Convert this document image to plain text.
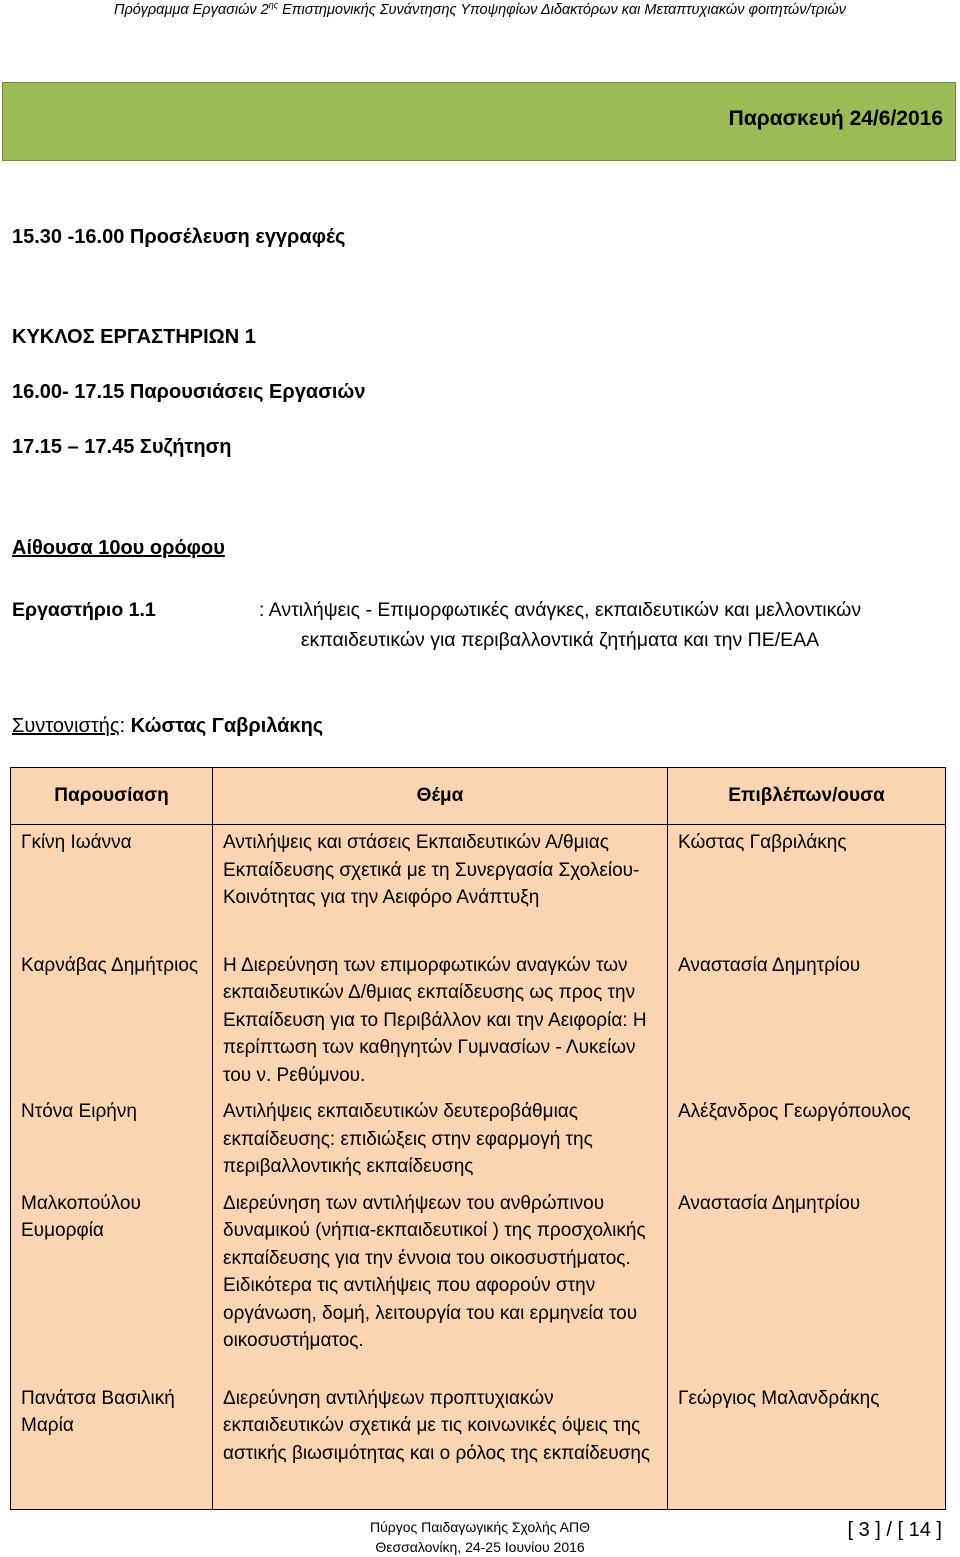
Πρόγραμμα Εργασιών $2^{\eta\varsigma}$ Επιστημονικής Συνάντησης Υποψηφίων Διδακτόρων και Μεταπτυχιακών φοιτητών/τριών
Παρασκευή 24/6/2016
15.30 -16.00 Προσέλευση εγγραφές
ΚΥΚΛΟΣ ΕΡΓΑΣΤΗΡΙΩΝ 1
16.00- 17.15 Παρουσιάσεις Εργασιών
17.15 – 17.45 Συζήτηση
Αίθουσα 10ου ορόφου
Εργαστήριο 1.1	: Αντιλήψεις - Επιμορφωτικές ανάγκες, εκπαιδευτικών και μελλοντικών
εκπαιδευτικών για περιβαλλοντικά ζητήματα και την ΠΕ/ΕΑΑ
Συντονιστής: Κώστας Γαβριλάκης
Παρουσίαση	Θέμα	Επιβλέπων/ουσα
Γκίνη Ιωάννα	Αντιλήψεις και στάσεις Εκπαιδευτικών Α/θμιας Εκπαίδευσης σχετικά με τη Συνεργασία Σχολείου-Κοινότητας για την Αειφόρο Ανάπτυξη	Κώστας Γαβριλάκης
Καρνάβας Δημήτριος	Η Διερεύνηση των επιμορφωτικών αναγκών των εκπαιδευτικών Δ/θμιας εκπαίδευσης ως προς την Εκπαίδευση για το Περιβάλλον και την Αειφορία: Η περίπτωση των καθηγητών Γυμνασίων - Λυκείων του ν. Ρεθύμνου.	Αναστασία Δημητρίου
Ντόνα Ειρήνη	Αντιλήψεις εκπαιδευτικών δευτεροβάθμιας εκπαίδευσης: επιδιώξεις στην εφαρμογή της περιβαλλοντικής εκπαίδευσης	Αλέξανδρος Γεωργόπουλος
Μαλκοπούλου Ευμορφία	Διερεύνηση των αντιλήψεων του ανθρώπινου δυναμικού (νήπια-εκπαιδευτικοί ) της προσχολικής εκπαίδευσης για την έννοια του οικοσυστήματος. Ειδικότερα τις αντιλήψεις που αφορούν στην οργάνωση, δομή, λειτουργία του και ερμηνεία του οικοσυστήματος.	Αναστασία Δημητρίου
Πανάτσα Βασιλική Μαρία	Διερεύνηση αντιλήψεων προπτυχιακών εκπαιδευτικών σχετικά με τις κοινωνικές όψεις της αστικής βιωσιμότητας και ο ρόλος της εκπαίδευσης	Γεώργιος Μαλανδράκης
Πύργος Παιδαγωγικής Σχολής ΑΠΘ
Θεσσαλονίκη, 24-25 Ιουνίου 2016
[ 3 ] / [ 14 ]
